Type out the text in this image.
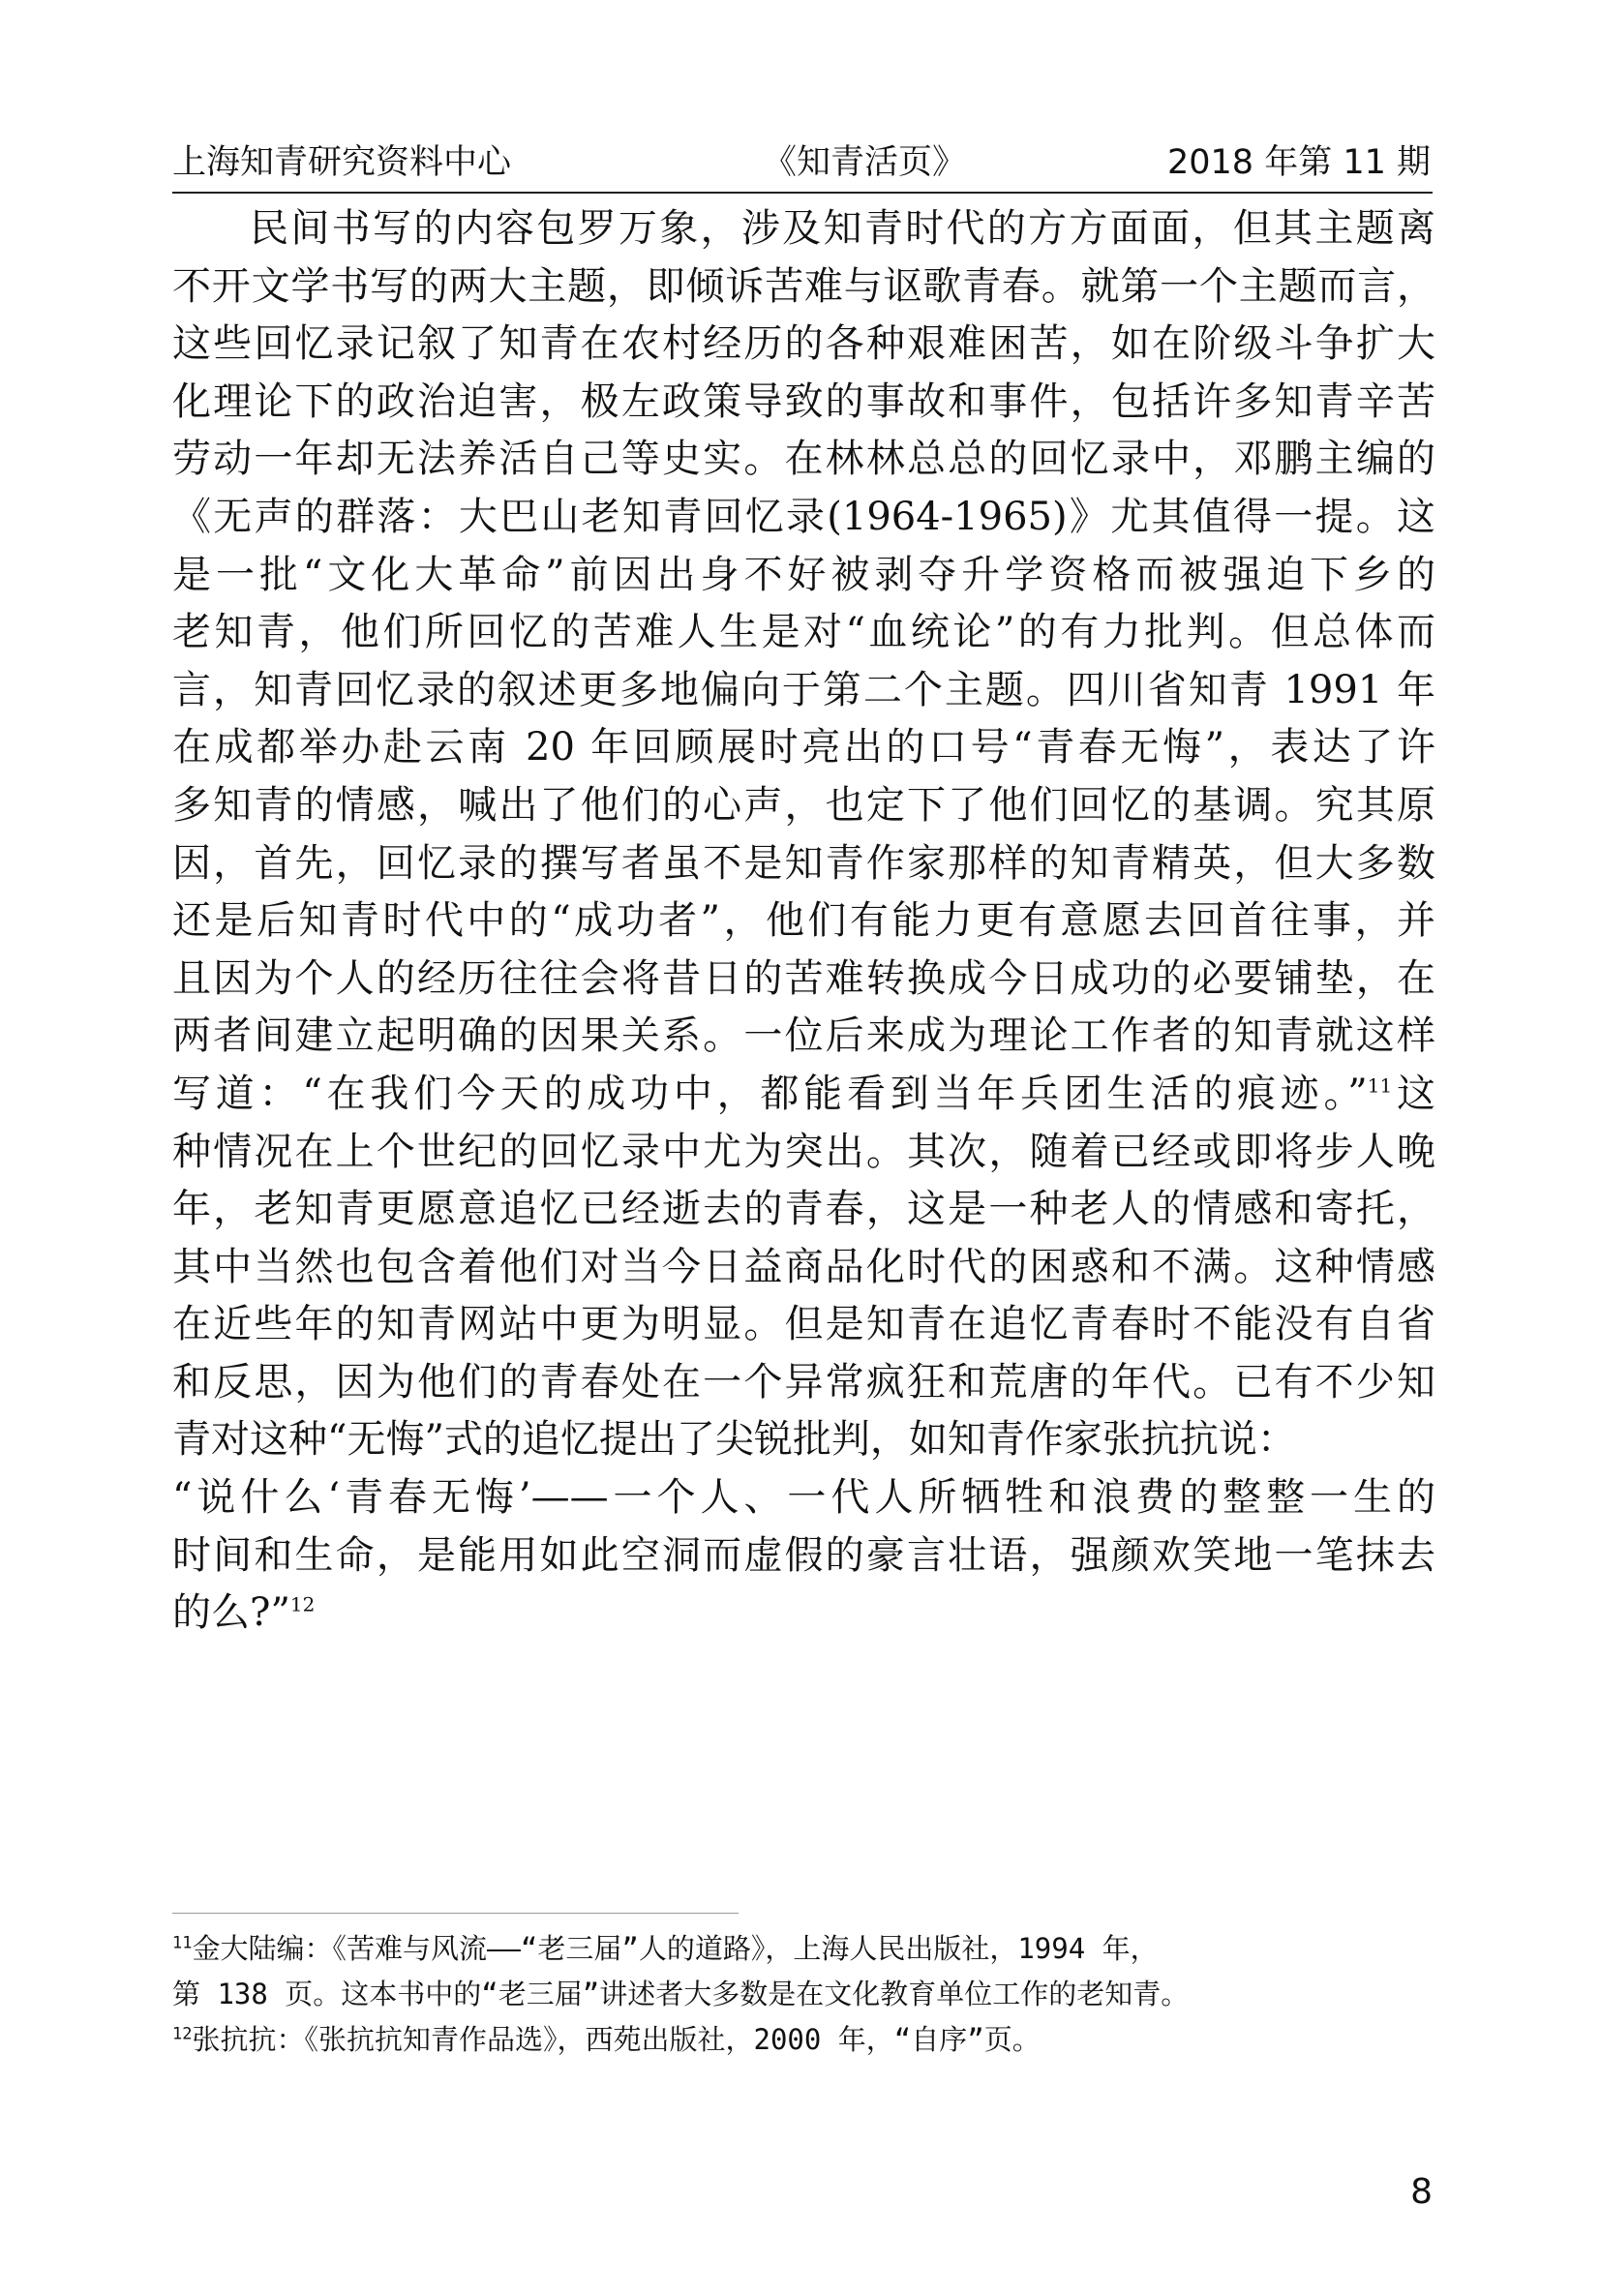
上海知青研究资料中心	《知青活页》	2018 年第 11 期
民间书写的内容包罗万象，涉及知青时代的方方面面，但其主题离
不开文学书写的两大主题，即倾诉苦难与讴歌青春。就第一个主题而言，
这些回忆录记叙了知青在农村经历的各种艰难困苦，如在阶级斗争扩大
化理论下的政治迫害，极左政策导致的事故和事件，包括许多知青辛苦
劳动一年却无法养活自己等史实。在林林总总的回忆录中，邓鹏主编的
《无声的群落：大巴山老知青回忆录(1964-1965)》尤其值得一提。这
是一批“文化大革命”前因出身不好被剥夺升学资格而被强迫下乡的
老知青，他们所回忆的苦难人生是对“血统论”的有力批判。但总体而
言，知青回忆录的叙述更多地偏向于第二个主题。四川省知青 1991 年
在成都举办赴云南 20 年回顾展时亮出的口号“青春无悔”，表达了许
多知青的情感，喊出了他们的心声，也定下了他们回忆的基调。究其原
因，首先，回忆录的撰写者虽不是知青作家那样的知青精英，但大多数
还是后知青时代中的“成功者”，他们有能力更有意愿去回首往事，并
且因为个人的经历往往会将昔日的苦难转换成今日成功的必要铺垫，在
两者间建立起明确的因果关系。一位后来成为理论工作者的知青就这样
写道：“在我们今天的成功中，都能看到当年兵团生活的痕迹。”$^{11}$这
种情况在上个世纪的回忆录中尤为突出。其次，随着已经或即将步人晚
年，老知青更愿意追忆已经逝去的青春，这是一种老人的情感和寄托，
其中当然也包含着他们对当今日益商品化时代的困惑和不满。这种情感
在近些年的知青网站中更为明显。但是知青在追忆青春时不能没有自省
和反思，因为他们的青春处在一个异常疯狂和荒唐的年代。已有不少知
青对这种“无悔”式的追忆提出了尖锐批判，如知青作家张抗抗说：
“说什么‘青春无悔’——一个人、一代人所牺牲和浪费的整整一生的
时间和生命，是能用如此空洞而虚假的豪言壮语，强颜欢笑地一笔抹去
的么?”$^{12}$
$^{11}$金大陆编：《苦难与风流——“老三届”人的道路》，上海人民出版社，1994 年，
第 138 页。这本书中的“老三届”讲述者大多数是在文化教育单位工作的老知青。
$^{12}$张抗抗：《张抗抗知青作品选》，西苑出版社，2000 年，“自序”页。
8
